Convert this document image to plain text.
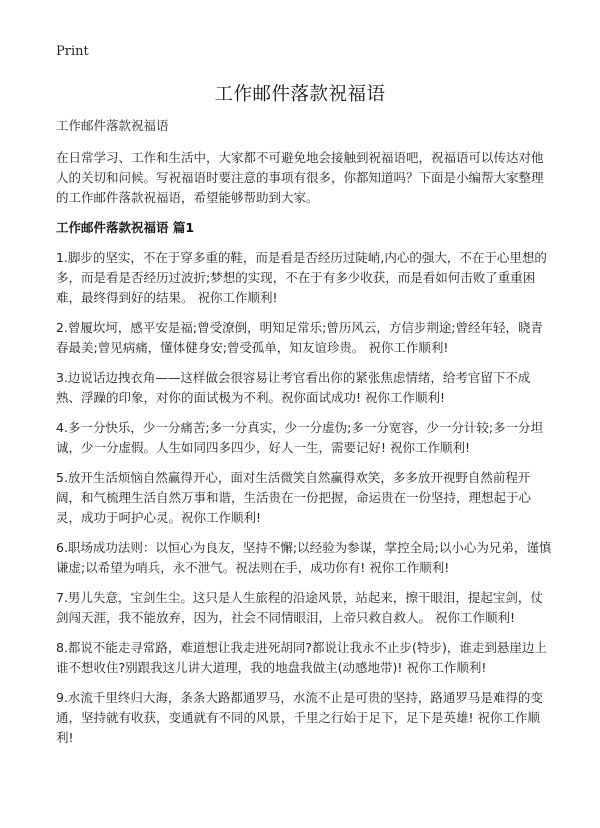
Print
工作邮件落款祝福语

工作邮件落款祝福语

在日常学习、工作和生活中，大家都不可避免地会接触到祝福语吧，祝福语可以传达对他人的关切和问候。写祝福语时要注意的事项有很多，你都知道吗？下面是小编帮大家整理的工作邮件落款祝福语，希望能够帮助到大家。

工作邮件落款祝福语 篇1

1.脚步的坚实，不在于穿多重的鞋，而是看是否经历过陡峭,内心的强大，不在于心里想的多，而是看是否经历过波折;梦想的实现，不在于有多少收获，而是看如何击败了重重困难，最终得到好的结果。 祝你工作顺利!

2.曾履坎坷，感平安是福;曾受潦倒，明知足常乐;曾历风云，方信步荆途;曾经年轻，晓青春最美;曾见病痛，懂体健身安;曾受孤单，知友谊珍贵。 祝你工作顺利!

3.边说话边拽衣角——这样做会很容易让考官看出你的紧张焦虑情绪，给考官留下不成熟、浮躁的印象，对你的面试极为不利。祝你面试成功! 祝你工作顺利!

4.多一分快乐，少一分痛苦;多一分真实，少一分虚伪;多一分宽容，少一分计较;多一分坦诚，少一分虚假。人生如同四多四少，好人一生，需要记好! 祝你工作顺利!

5.放开生活烦恼自然赢得开心，面对生活微笑自然赢得欢笑，多多放开视野自然前程开阔，和气梳理生活自然万事和谐，生活贵在一份把握，命运贵在一份坚持，理想起于心灵，成功于呵护心灵。祝你工作顺利!

6.职场成功法则：以恒心为良友，坚持不懈;以经验为参谋，掌控全局;以小心为兄弟，谨慎谦虚;以希望为哨兵，永不泄气。祝法则在手，成功你有! 祝你工作顺利!

7.男儿失意，宝剑生尘。这只是人生旅程的沿途风景，站起来，擦干眼泪，提起宝剑，仗剑闯天涯，我不能放弃，因为，社会不同情眼泪，上帝只救自救人。 祝你工作顺利!

8.都说不能走寻常路，难道想让我走进死胡同?都说让我永不止步(特步)，谁走到悬崖边上谁不想收住?别跟我这儿讲大道理，我的地盘我做主(动感地带)! 祝你工作顺利!

9.水流千里终归大海，条条大路都通罗马，水流不止是可贵的坚持，路通罗马是难得的变通，坚持就有收获，变通就有不同的风景，千里之行始于足下，足下是英雄! 祝你工作顺利!
